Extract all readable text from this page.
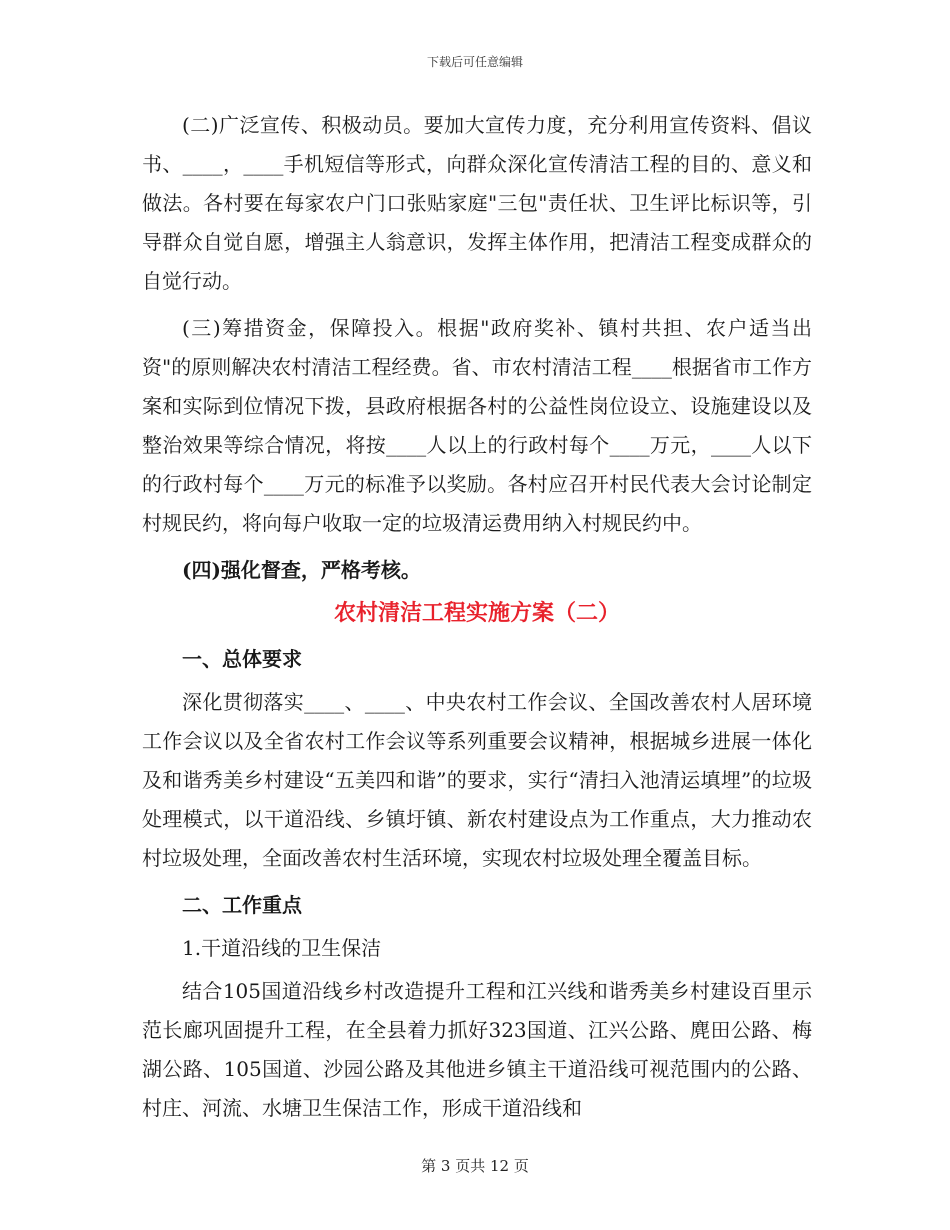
下载后可任意编辑

(二)广泛宣传、积极动员。要加大宣传力度，充分利用宣传资料、倡议书、____，____手机短信等形式，向群众深化宣传清洁工程的目的、意义和做法。各村要在每家农户门口张贴家庭"三包"责任状、卫生评比标识等，引导群众自觉自愿，增强主人翁意识，发挥主体作用，把清洁工程变成群众的自觉行动。

(三)筹措资金，保障投入。根据"政府奖补、镇村共担、农户适当出资"的原则解决农村清洁工程经费。省、市农村清洁工程____根据省市工作方案和实际到位情况下拨，县政府根据各村的公益性岗位设立、设施建设以及整治效果等综合情况，将按____人以上的行政村每个____万元，____人以下的行政村每个____万元的标准予以奖励。各村应召开村民代表大会讨论制定村规民约，将向每户收取一定的垃圾清运费用纳入村规民约中。

(四)强化督查，严格考核。

农村清洁工程实施方案（二）

一、总体要求

深化贯彻落实____、____、中央农村工作会议、全国改善农村人居环境工作会议以及全省农村工作会议等系列重要会议精神，根据城乡进展一体化及和谐秀美乡村建设“五美四和谐”的要求，实行“清扫入池清运填埋”的垃圾处理模式，以干道沿线、乡镇圩镇、新农村建设点为工作重点，大力推动农村垃圾处理，全面改善农村生活环境，实现农村垃圾处理全覆盖目标。

二、工作重点

1.干道沿线的卫生保洁

结合105国道沿线乡村改造提升工程和江兴线和谐秀美乡村建设百里示范长廊巩固提升工程，在全县着力抓好323国道、江兴公路、麂田公路、梅湖公路、105国道、沙园公路及其他进乡镇主干道沿线可视范围内的公路、村庄、河流、水塘卫生保洁工作，形成干道沿线和

第 3 页共 12 页
